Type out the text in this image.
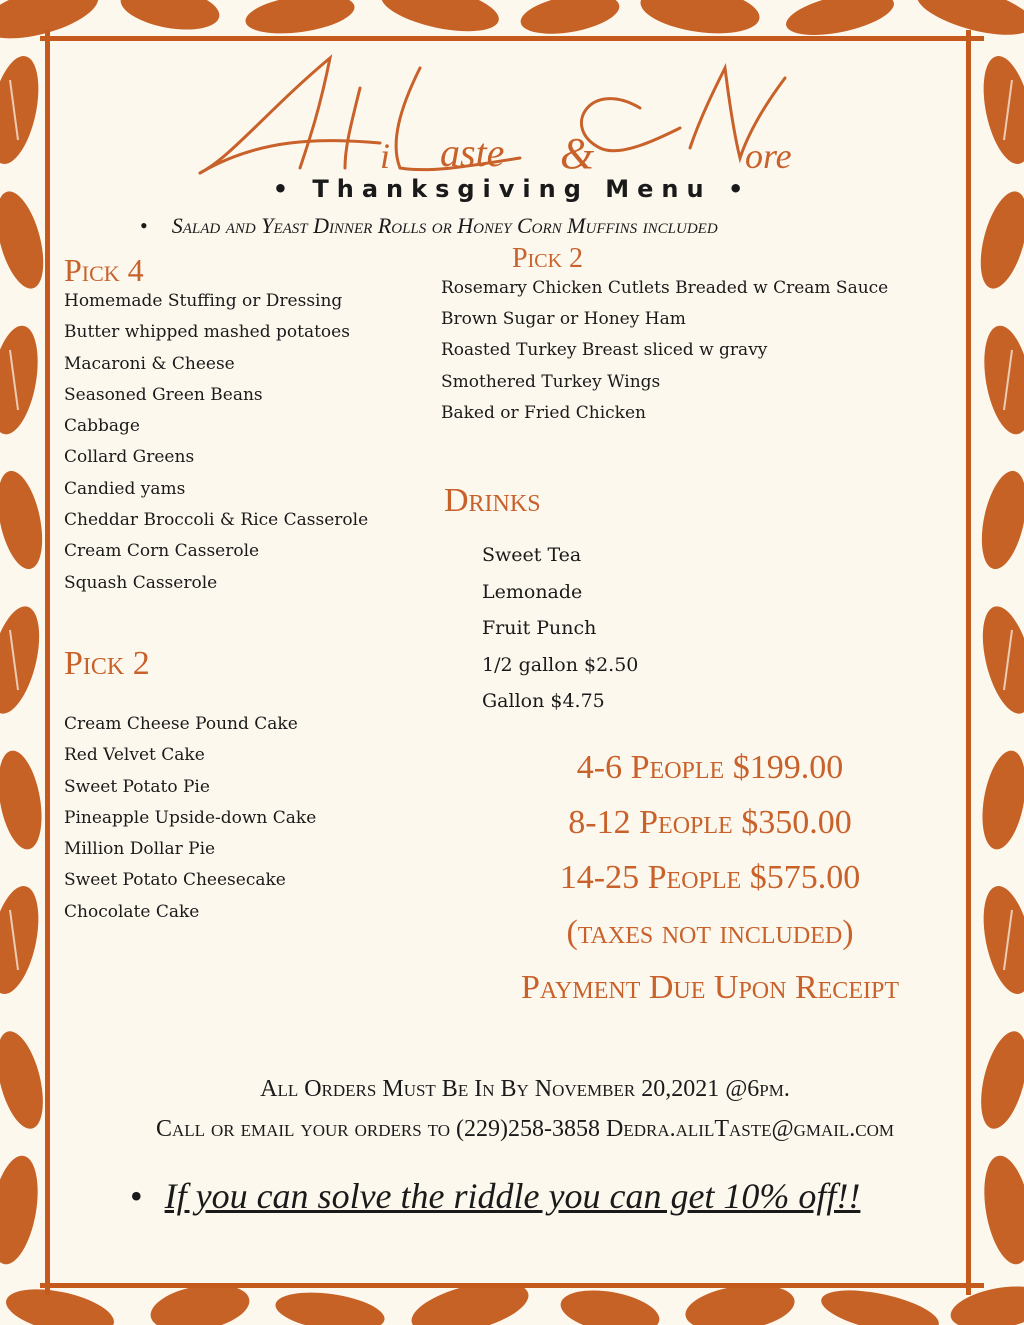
aste	ore
i	&
• Thanksgiving Menu •
• Salad and Yeast Dinner Rolls or Honey Corn Muffins included
Pick 4
Homemade Stuffing or Dressing
Butter whipped mashed potatoes
Macaroni & Cheese
Seasoned Green Beans
Cabbage
Collard Greens
Candied yams
Cheddar Broccoli & Rice Casserole
Cream Corn Casserole
Squash Casserole
Pick 2
Rosemary Chicken Cutlets Breaded w Cream Sauce
Brown Sugar or Honey Ham
Roasted Turkey Breast sliced w gravy
Smothered Turkey Wings
Baked or Fried Chicken
Drinks
Sweet Tea
Lemonade
Fruit Punch
1/2 gallon $2.50
Gallon $4.75
Pick 2
Cream Cheese Pound Cake
Red Velvet Cake
Sweet Potato Pie
Pineapple Upside-down Cake
Million Dollar Pie
Sweet Potato Cheesecake
Chocolate Cake
4-6 People $199.00
8-12 People $350.00
14-25 People $575.00
(taxes not included)
Payment Due Upon Receipt
All Orders Must Be In By November 20,2021 @6pm.
Call or email your orders to (229)258-3858 Dedra.alilTaste@gmail.com
• If you can solve the riddle you can get 10% off!!
